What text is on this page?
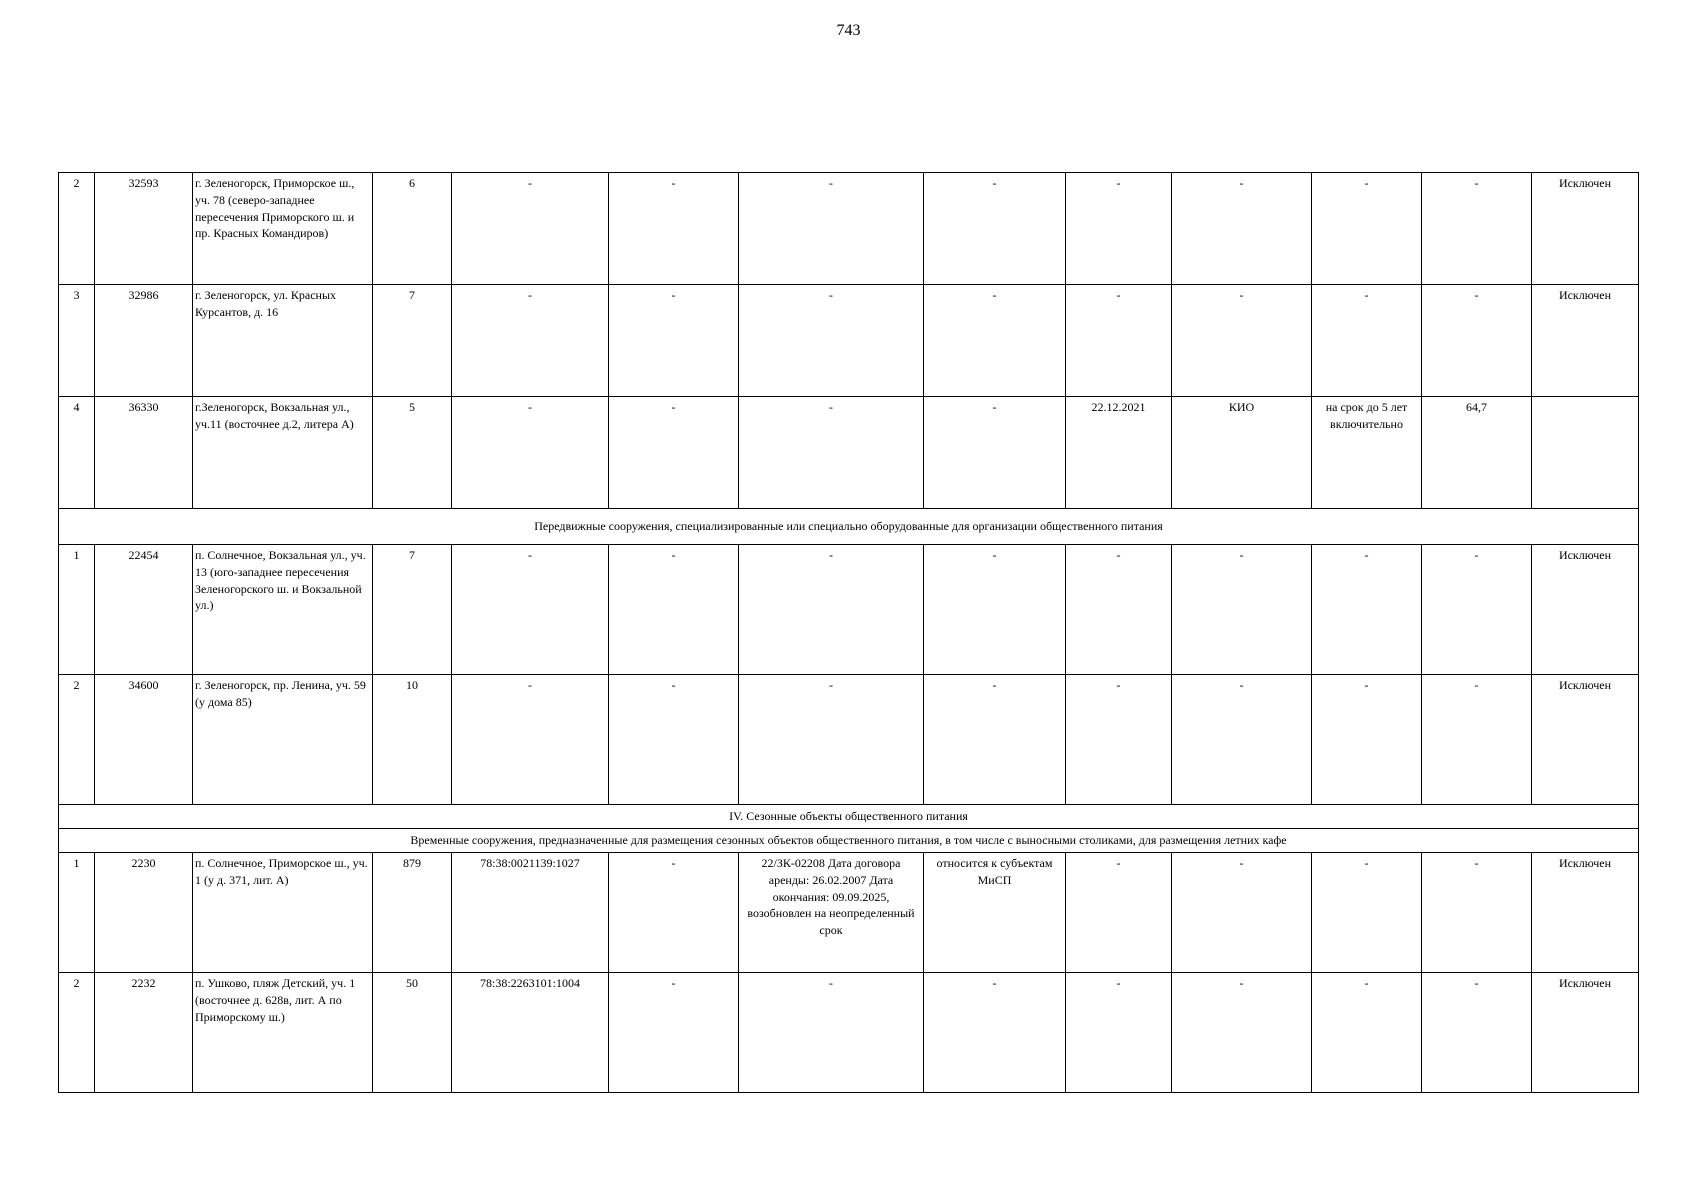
743
2	32593	г. Зеленогорск, Приморское ш., уч. 78 (северо-западнее пересечения Приморского ш. и пр. Красных Командиров)	6	-	-	-	-	-	-	-	-	Исключен
3	32986	г. Зеленогорск, ул. Красных Курсантов, д. 16	7	-	-	-	-	-	-	-	-	Исключен
4	36330	г.Зеленогорск, Вокзальная ул., уч.11 (восточнее д.2, литера А)	5	-	-	-	-	22.12.2021	КИО	на срок до 5 лет включительно	64,7	
Передвижные сооружения, специализированные или специально оборудованные для организации общественного питания												
1	22454	п. Солнечное, Вокзальная ул., уч. 13 (юго-западнее пересечения Зеленогорского ш. и Вокзальной ул.)	7	-	-	-	-	-	-	-	-	Исключен
2	34600	г. Зеленогорск, пр. Ленина, уч. 59 (у дома 85)	10	-	-	-	-	-	-	-	-	Исключен
IV. Сезонные объекты общественного питания												
Временные сооружения, предназначенные для размещения сезонных объектов общественного питания, в том числе с выносными столиками, для размещения летних кафе												
1	2230	п. Солнечное, Приморское ш., уч. 1 (у д. 371, лит. А)	879	78:38:0021139:1027	-	22/ЗК-02208 Дата договора аренды: 26.02.2007 Дата окончания: 09.09.2025, возобновлен на неопределенный срок	относится к субъектам МиСП	-	-	-	-	Исключен
2	2232	п. Ушково, пляж Детский, уч. 1 (восточнее д. 628в, лит. А по Приморскому ш.)	50	78:38:2263101:1004	-	-	-	-	-	-	-	Исключен
